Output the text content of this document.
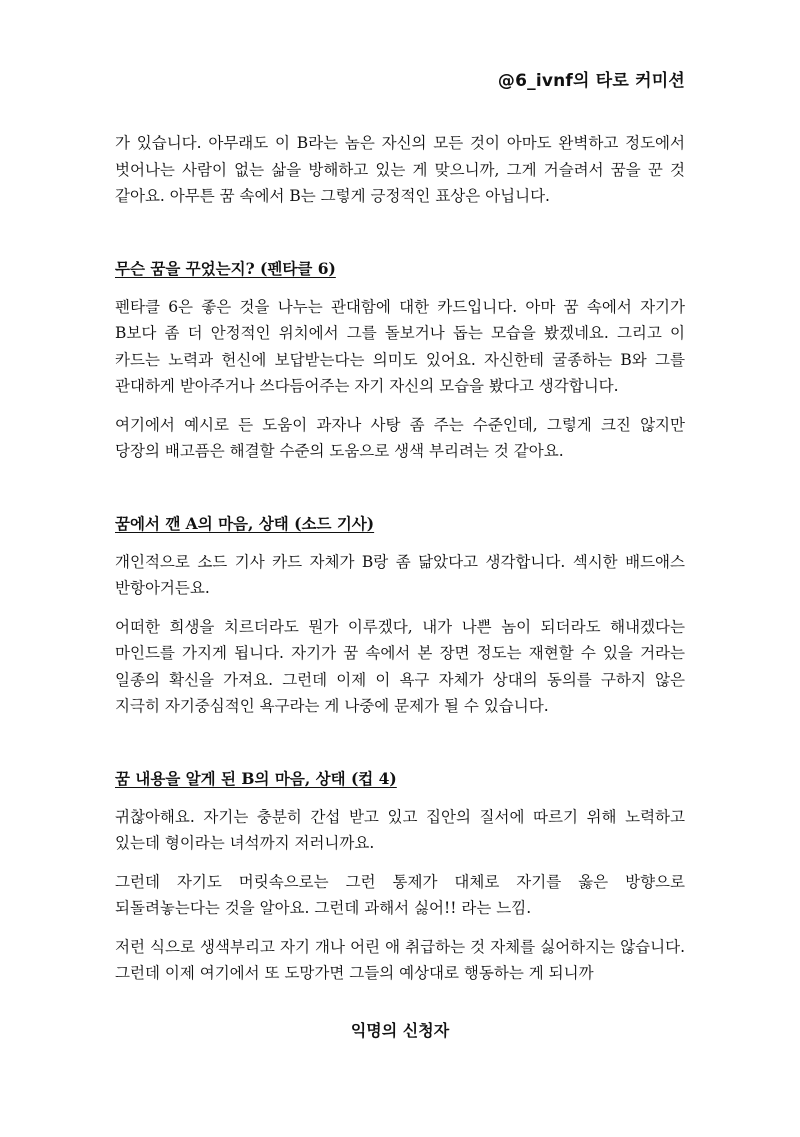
@6_ivnf의 타로 커미션

가 있습니다. 아무래도 이 B라는 놈은 자신의 모든 것이 아마도 완벽하고 정도에서 벗어나는 사람이 없는 삶을 방해하고 있는 게 맞으니까, 그게 거슬려서 꿈을 꾼 것 같아요. 아무튼 꿈 속에서 B는 그렇게 긍정적인 표상은 아닙니다.

무슨 꿈을 꾸었는지? (펜타클 6)

펜타클 6은 좋은 것을 나누는 관대함에 대한 카드입니다. 아마 꿈 속에서 자기가 B보다 좀 더 안정적인 위치에서 그를 돌보거나 돕는 모습을 봤겠네요. 그리고 이 카드는 노력과 헌신에 보답받는다는 의미도 있어요. 자신한테 굴종하는 B와 그를 관대하게 받아주거나 쓰다듬어주는 자기 자신의 모습을 봤다고 생각합니다.

여기에서 예시로 든 도움이 과자나 사탕 좀 주는 수준인데, 그렇게 크진 않지만 당장의 배고픔은 해결할 수준의 도움으로 생색 부리려는 것 같아요.

꿈에서 깬 A의 마음, 상태 (소드 기사)

개인적으로 소드 기사 카드 자체가 B랑 좀 닮았다고 생각합니다. 섹시한 배드애스 반항아거든요.

어떠한 희생을 치르더라도 뭔가 이루겠다, 내가 나쁜 놈이 되더라도 해내겠다는 마인드를 가지게 됩니다. 자기가 꿈 속에서 본 장면 정도는 재현할 수 있을 거라는 일종의 확신을 가져요. 그런데 이제 이 욕구 자체가 상대의 동의를 구하지 않은 지극히 자기중심적인 욕구라는 게 나중에 문제가 될 수 있습니다.

꿈 내용을 알게 된 B의 마음, 상태 (컵 4)

귀찮아해요. 자기는 충분히 간섭 받고 있고 집안의 질서에 따르기 위해 노력하고 있는데 형이라는 녀석까지 저러니까요.

그런데 자기도 머릿속으로는 그런 통제가 대체로 자기를 옳은 방향으로 되돌려놓는다는 것을 알아요. 그런데 과해서 싫어!! 라는 느낌.

저런 식으로 생색부리고 자기 개나 어린 애 취급하는 것 자체를 싫어하지는 않습니다. 그런데 이제 여기에서 또 도망가면 그들의 예상대로 행동하는 게 되니까

익명의 신청자
